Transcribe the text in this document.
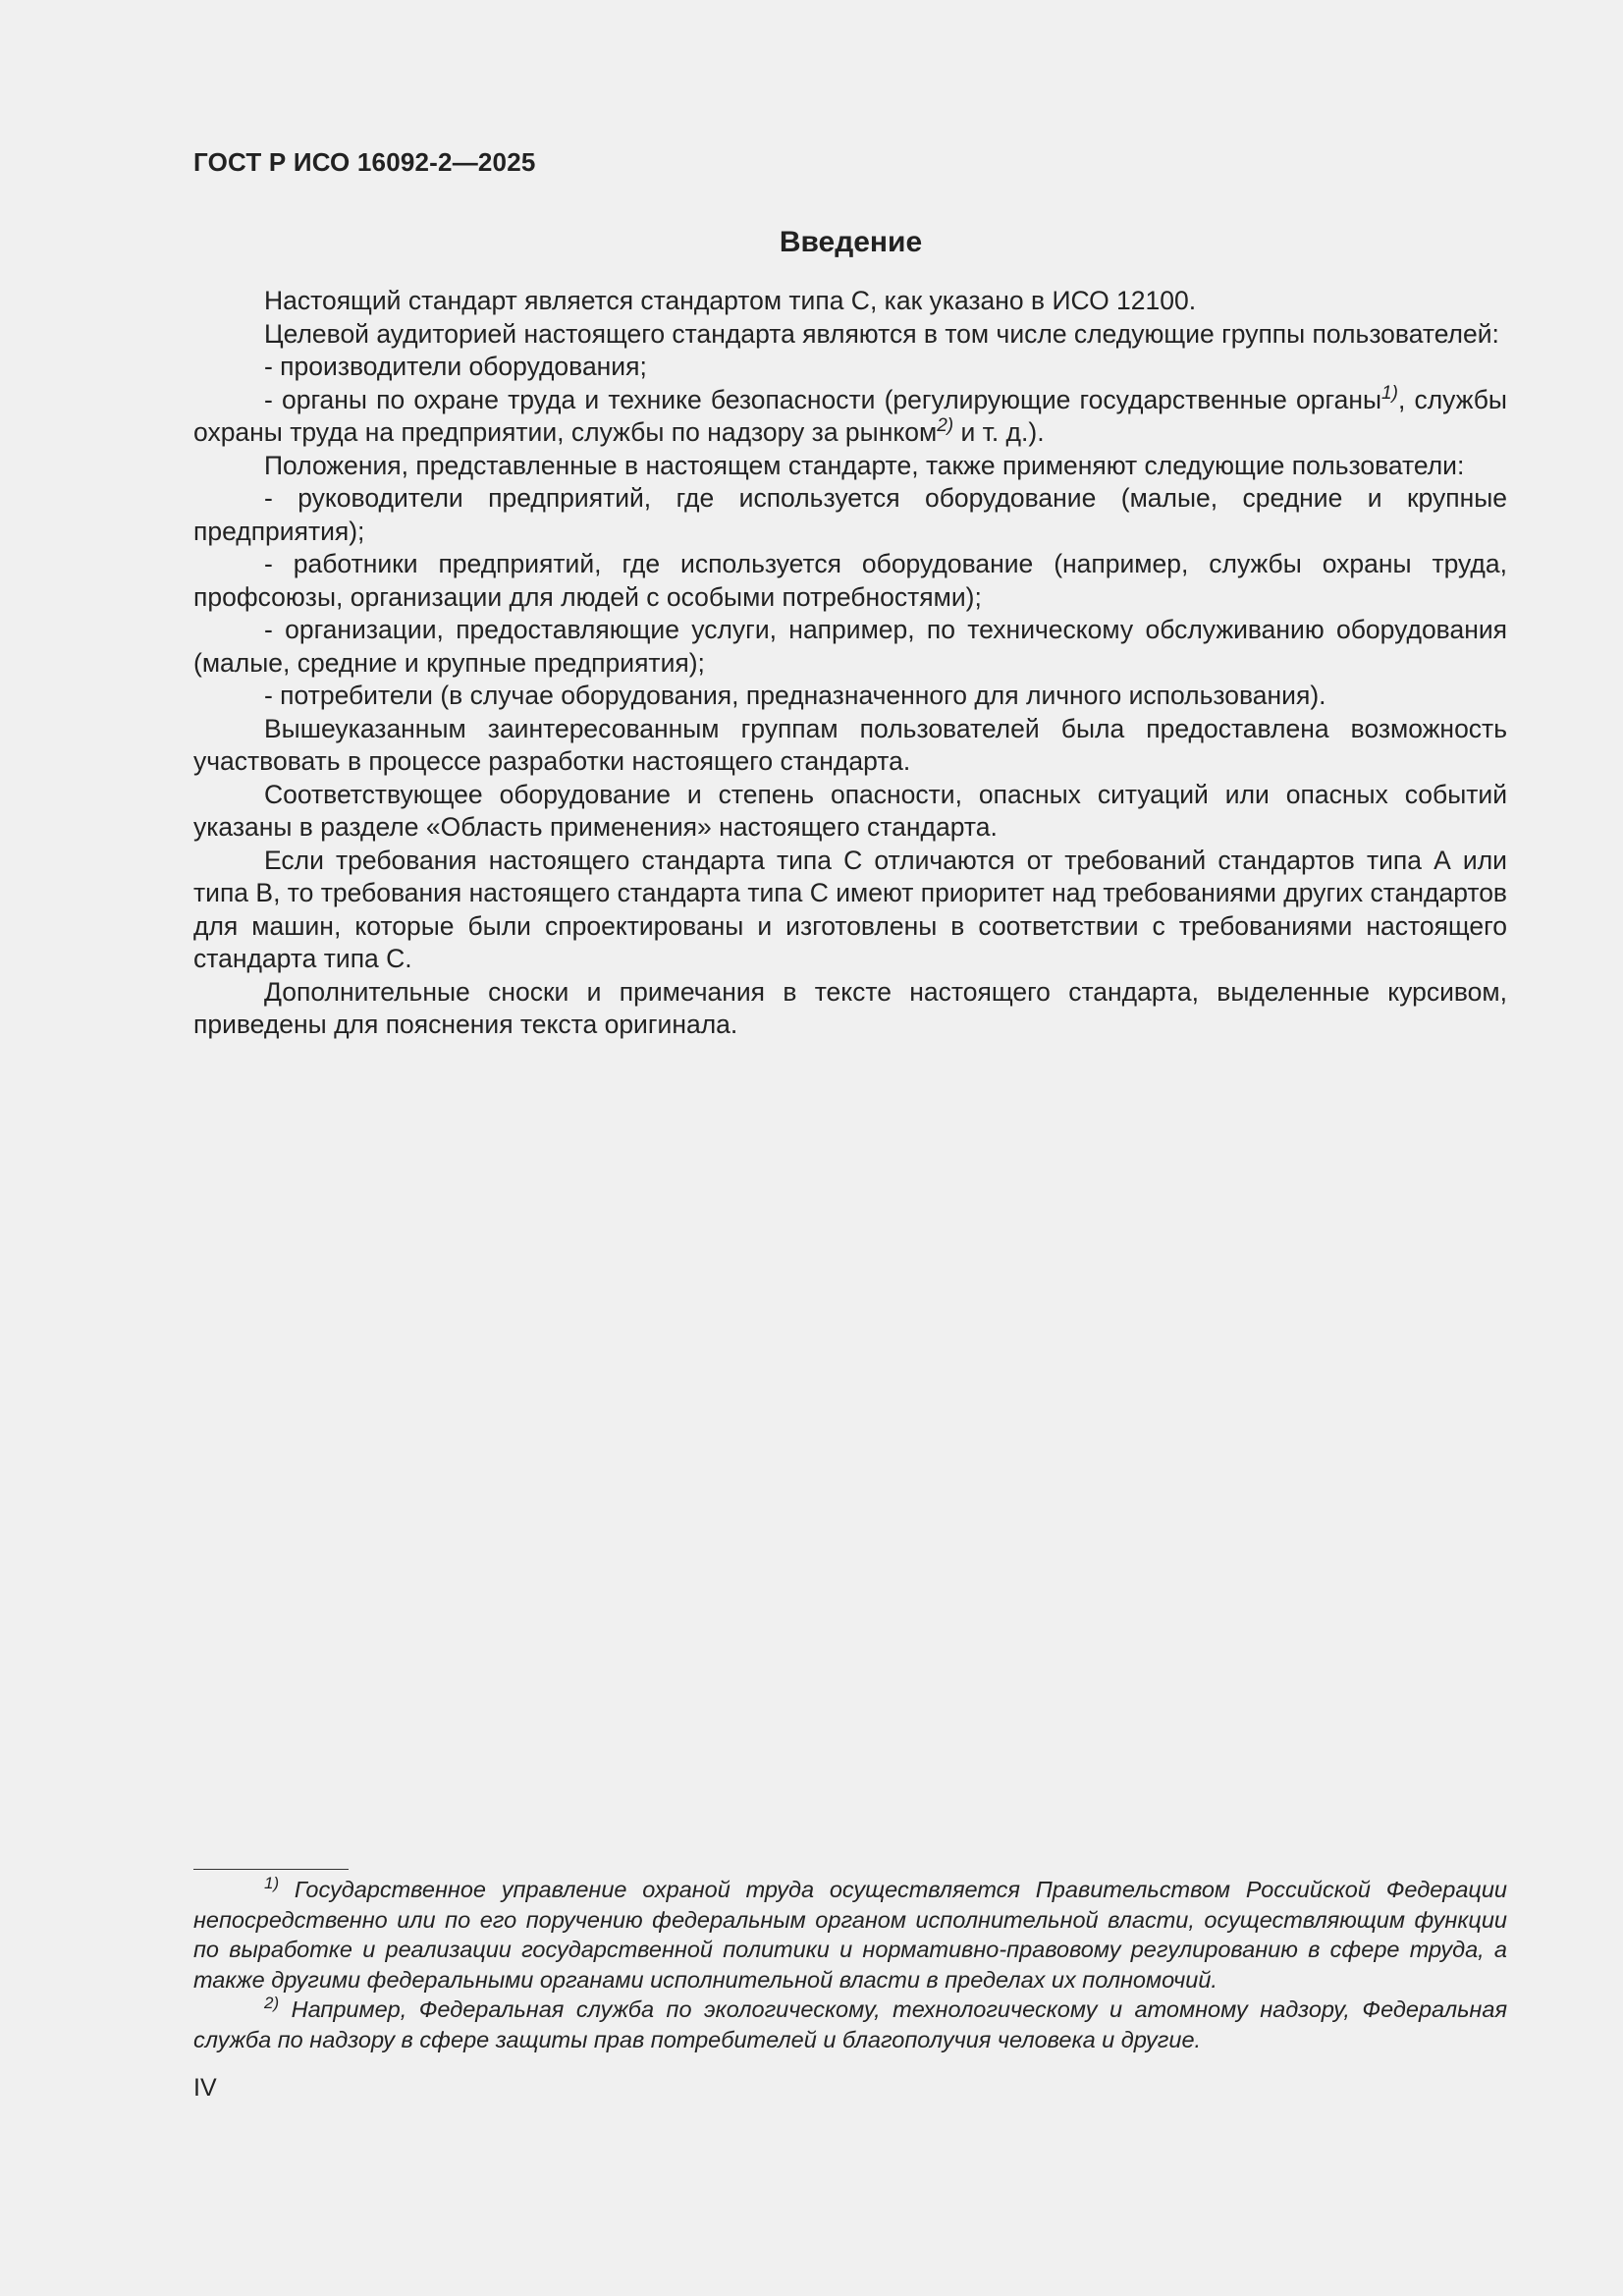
ГОСТ Р ИСО 16092-2—2025
Введение

Настоящий стандарт является стандартом типа С, как указано в ИСО 12100.

Целевой аудиторией настоящего стандарта являются в том числе следующие группы пользователей:

- производители оборудования;

- органы по охране труда и технике безопасности (регулирующие государственные органы$^{1)}$, службы охраны труда на предприятии, службы по надзору за рынком$^{2)}$ и т. д.).

Положения, представленные в настоящем стандарте, также применяют следующие пользователи:

- руководители предприятий, где используется оборудование (малые, средние и крупные предприятия);

- работники предприятий, где используется оборудование (например, службы охраны труда, профсоюзы, организации для людей с особыми потребностями);

- организации, предоставляющие услуги, например, по техническому обслуживанию оборудования (малые, средние и крупные предприятия);

- потребители (в случае оборудования, предназначенного для личного использования).

Вышеуказанным заинтересованным группам пользователей была предоставлена возможность участвовать в процессе разработки настоящего стандарта.

Соответствующее оборудование и степень опасности, опасных ситуаций или опасных событий указаны в разделе «Область применения» настоящего стандарта.

Если требования настоящего стандарта типа С отличаются от требований стандартов типа А или типа В, то требования настоящего стандарта типа С имеют приоритет над требованиями других стандартов для машин, которые были спроектированы и изготовлены в соответствии с требованиями настоящего стандарта типа С.

Дополнительные сноски и примечания в тексте настоящего стандарта, выделенные курсивом, приведены для пояснения текста оригинала.

$^{1)}$ Государственное управление охраной труда осуществляется Правительством Российской Федерации непосредственно или по его поручению федеральным органом исполнительной власти, осуществляющим функции по выработке и реализации государственной политики и нормативно-правовому регулированию в сфере труда, а также другими федеральными органами исполнительной власти в пределах их полномочий.

$^{2)}$ Например, Федеральная служба по экологическому, технологическому и атомному надзору, Федеральная служба по надзору в сфере защиты прав потребителей и благополучия человека и другие.

IV
